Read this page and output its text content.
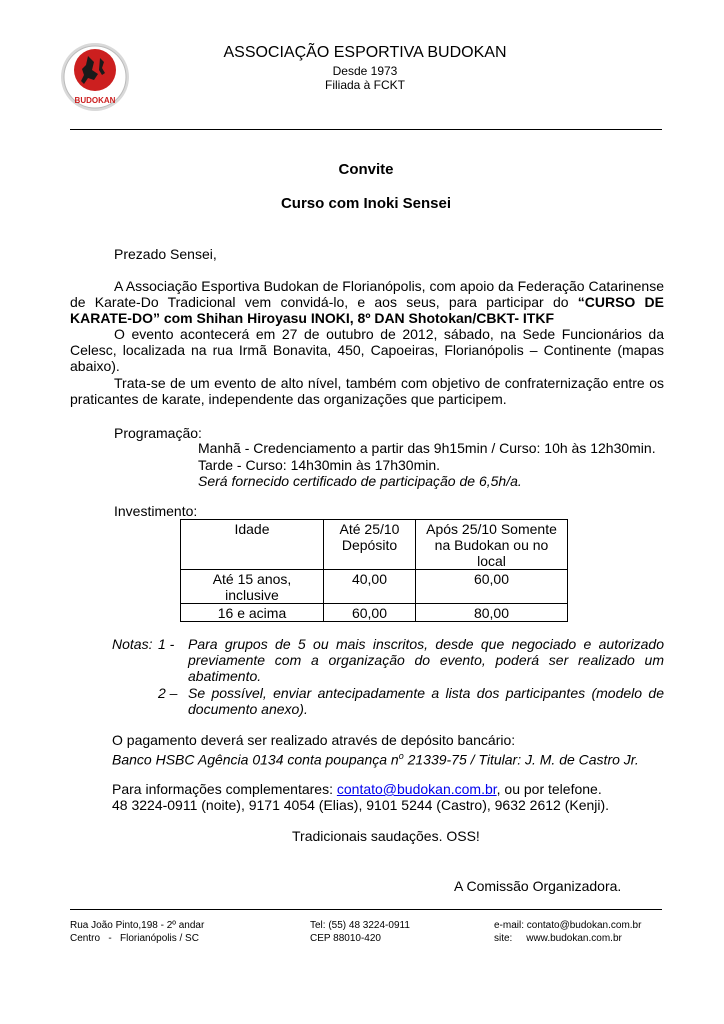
BUDOKAN
ASSOCIAÇÃO ESPORTIVA BUDOKAN
Desde 1973
Filiada à FCKT
Convite
Curso com Inoki Sensei
Prezado Sensei,
A Associação Esportiva Budokan de Florianópolis, com apoio da Federação Catarinense de Karate-Do Tradicional vem convidá-lo, e aos seus, para participar do “CURSO DE KARATE-DO” com Shihan Hiroyasu INOKI, 8º DAN Shotokan/CBKT- ITKF
O evento acontecerá em 27 de outubro de 2012, sábado, na Sede Funcionários da Celesc, localizada na rua Irmã Bonavita, 450, Capoeiras, Florianópolis – Continente (mapas abaixo).
Trata-se de um evento de alto nível, também com objetivo de confraternização entre os praticantes de karate, independente das organizações que participem.
Programação:
Manhã - Credenciamento a partir das 9h15min / Curso: 10h às 12h30min.
Tarde - Curso: 14h30min às 17h30min.
Será fornecido certificado de participação de 6,5h/a.
Investimento:
Idade	Até 25/10 Depósito	Após 25/10 Somente na Budokan ou no local
Até 15 anos, inclusive	40,00	60,00
16 e acima	60,00	80,00
Notas: 1 - Para grupos de 5 ou mais inscritos, desde que negociado e autorizado previamente com a organização do evento, poderá ser realizado um abatimento.
2 – Se possível, enviar antecipadamente a lista dos participantes (modelo de documento anexo).
O pagamento deverá ser realizado através de depósito bancário:
Banco HSBC Agência 0134 conta poupança $n^o$ 21339-75 / Titular: J. M. de Castro Jr.
Para informações complementares: contato@budokan.com.br, ou por telefone.
48 3224-0911 (noite), 9171 4054 (Elias), 9101 5244 (Castro), 9632 2612 (Kenji).
Tradicionais saudações. OSS!
A Comissão Organizadora.
Rua João Pinto,198 - 2º andar
Centro   -   Florianópolis / SC
Tel: (55) 48 3224-0911
CEP 88010-420
e-mail: contato@budokan.com.br
site:     www.budokan.com.br
